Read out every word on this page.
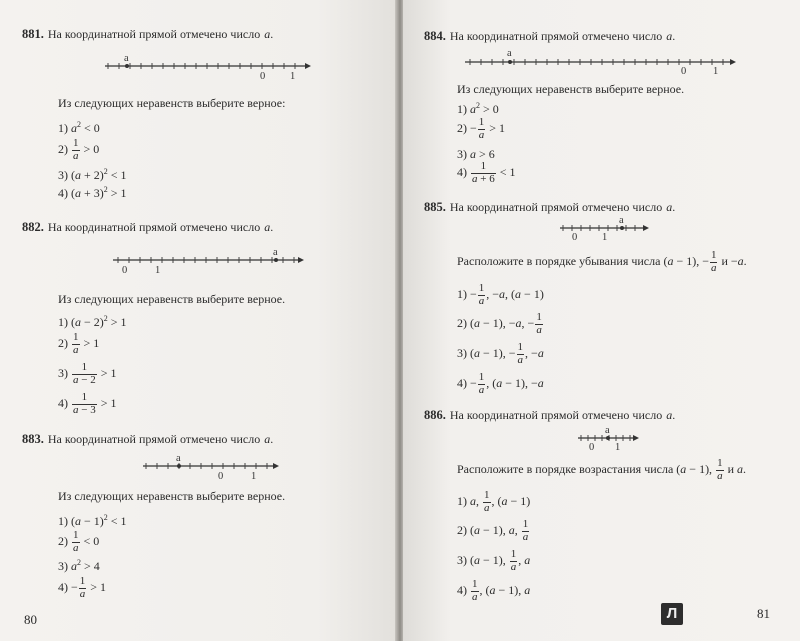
881. На координатной прямой отмечено число a.
a
0 1
Из следующих неравенств выберите верное:
1) $a^2 < 0$
$2) \frac{1}{a} > 0$
3) $(a + 2)^2 < 1$
4) $(a + 3)^2 > 1$
882. На координатной прямой отмечено число a.
0	1
a
Из следующих неравенств выберите верное.
1) $(a - 2)^2 > 1$
$2) \frac{1}{a} > 1$
$3) \frac{1}{a - 2} > 1$
$4) \frac{1}{a - 3} > 1$
883. На координатной прямой отмечено число a.
a
0	1
Из следующих неравенств выберите верное.
1) $(a - 1)^2 < 1$
$2) \frac{1}{a} < 0$
3) $a^2 > 4$
$4) - \frac{1}{a} > 1$
80
884. На координатной прямой отмечено число a.
a
0	1
Из следующих неравенств выберите верное.
1) $a^2 > 0$
$2) - \frac{1}{a} > 1$
3) a > 6
$4) \frac{1}{a + 6} < 1$
885. На координатной прямой отмечено число a.
0 1
a
Расположите в порядке убывания числа (a − 1), − $\frac{1}{a}$ и −a.
$1) - \frac{1}{a}$ , −a, (a − 1)
2) (a − 1), −a, − $\frac{1}{a}$
3) (a − 1), − $\frac{1}{a}$ , −a
$4) - \frac{1}{a}$ , (a − 1), −a
886. На координатной прямой отмечено число a.
0
a
1
Расположите в порядке возрастания числа (a − 1), $\frac{1}{a}$ и a.
1) a, $\frac{1}{a}$ , (a − 1)
2) (a − 1), a, $\frac{1}{a}$
3) (a − 1), $\frac{1}{a}$ , a
$4) \frac{1}{a}$ , (a − 1), a
81
Л
